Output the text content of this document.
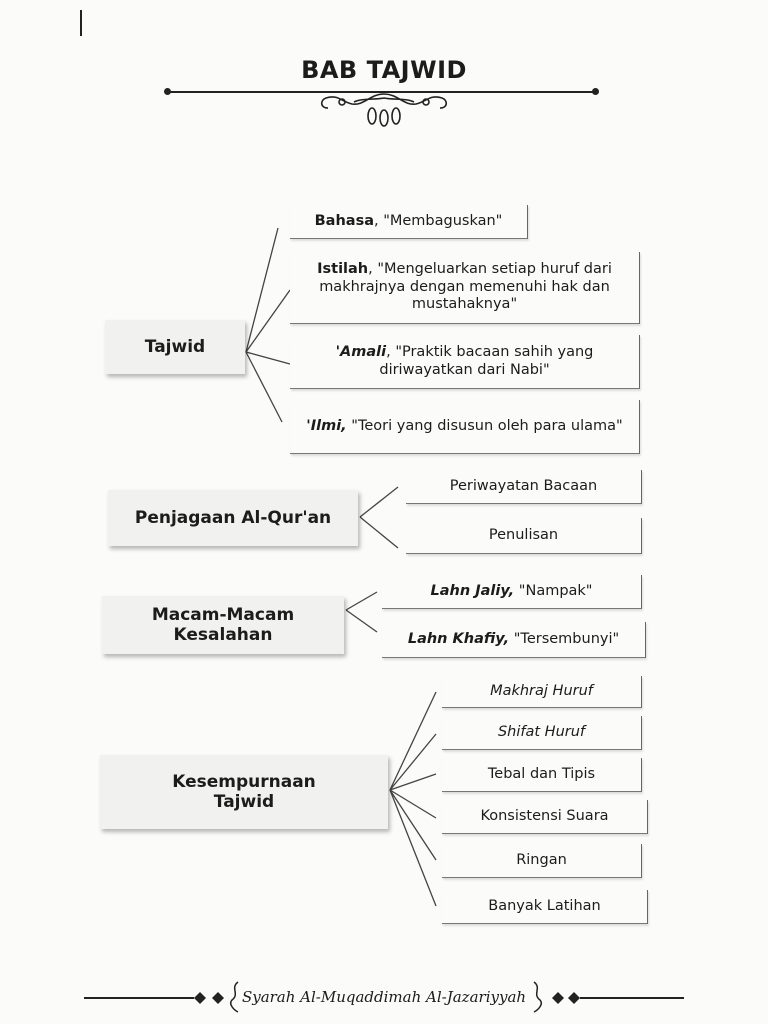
BAB TAJWID
Tajwid
Bahasa, "Membaguskan"
Istilah, "Mengeluarkan setiap huruf dari makhrajnya dengan memenuhi hak dan mustahaknya"
'Amali, "Praktik bacaan sahih yang diriwayatkan dari Nabi"
'Ilmi, "Teori yang disusun oleh para ulama"
Penjagaan Al-Qur'an
Periwayatan Bacaan
Penulisan
Macam-Macam Kesalahan
Lahn Jaliy, "Nampak"
Lahn Khafiy, "Tersembunyi"
Kesempurnaan Tajwid
Makhraj Huruf
Shifat Huruf
Tebal dan Tipis
Konsistensi Suara
Ringan
Banyak Latihan
Syarah Al-Muqaddimah Al-Jazariyyah
